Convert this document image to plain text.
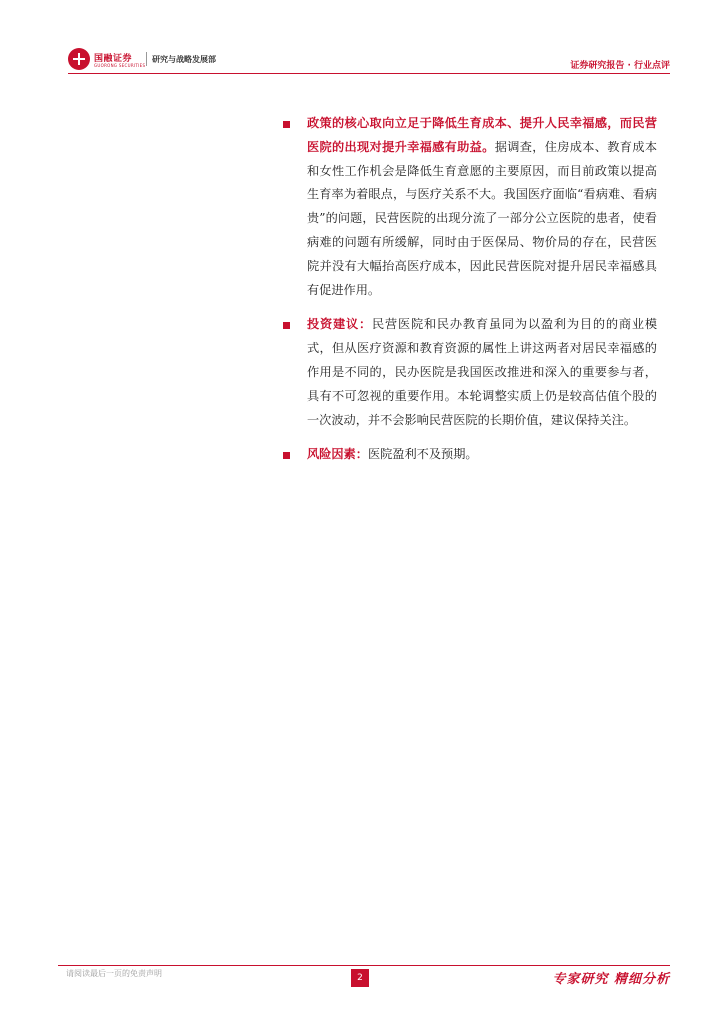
国融证券
GUORONG SECURITIES
研究与战略发展部
证券研究报告 · 行业点评

政策的核心取向立足于降低生育成本、提升人民幸福感，而民营医院的出现对提升幸福感有助益。据调查，住房成本、教育成本和女性工作机会是降低生育意愿的主要原因，而目前政策以提高生育率为着眼点，与医疗关系不大。我国医疗面临“看病难、看病贵”的问题，民营医院的出现分流了一部分公立医院的患者，使看病难的问题有所缓解，同时由于医保局、物价局的存在，民营医院并没有大幅抬高医疗成本，因此民营医院对提升居民幸福感具有促进作用。

投资建议：民营医院和民办教育虽同为以盈利为目的的商业模式，但从医疗资源和教育资源的属性上讲这两者对居民幸福感的作用是不同的，民办医院是我国医改推进和深入的重要参与者，具有不可忽视的重要作用。本轮调整实质上仍是较高估值个股的一次波动，并不会影响民营医院的长期价值，建议保持关注。

风险因素：医院盈利不及预期。

请阅读最后一页的免责声明	2	专家研究 精细分析
